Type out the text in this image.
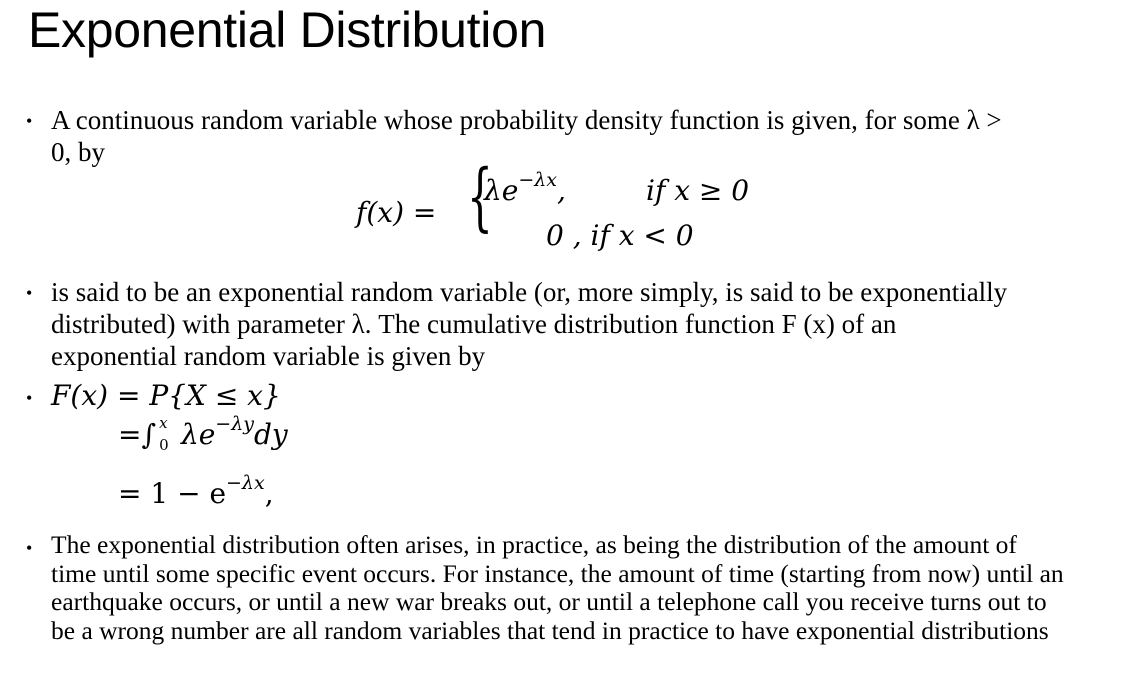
Exponential Distribution
• A continuous random variable whose probability density function is given, for some λ >
0, by
f(x) = {
$\lambda e^{-\lambda x}$,	if x ≥ 0
0 , if x < 0
• is said to be an exponential random variable (or, more simply, is said to be exponentially
distributed) with parameter λ. The cumulative distribution function F (x) of an
exponential random variable is given by
• F(x) = P{X ≤ x}
=∫ x
0 $\lambda e^{-\lambda y}dy$
= $1 - e^{-\lambda x}$,
• The exponential distribution often arises, in practice, as being the distribution of the amount of
time until some specific event occurs. For instance, the amount of time (starting from now) until an
earthquake occurs, or until a new war breaks out, or until a telephone call you receive turns out to
be a wrong number are all random variables that tend in practice to have exponential distributions
